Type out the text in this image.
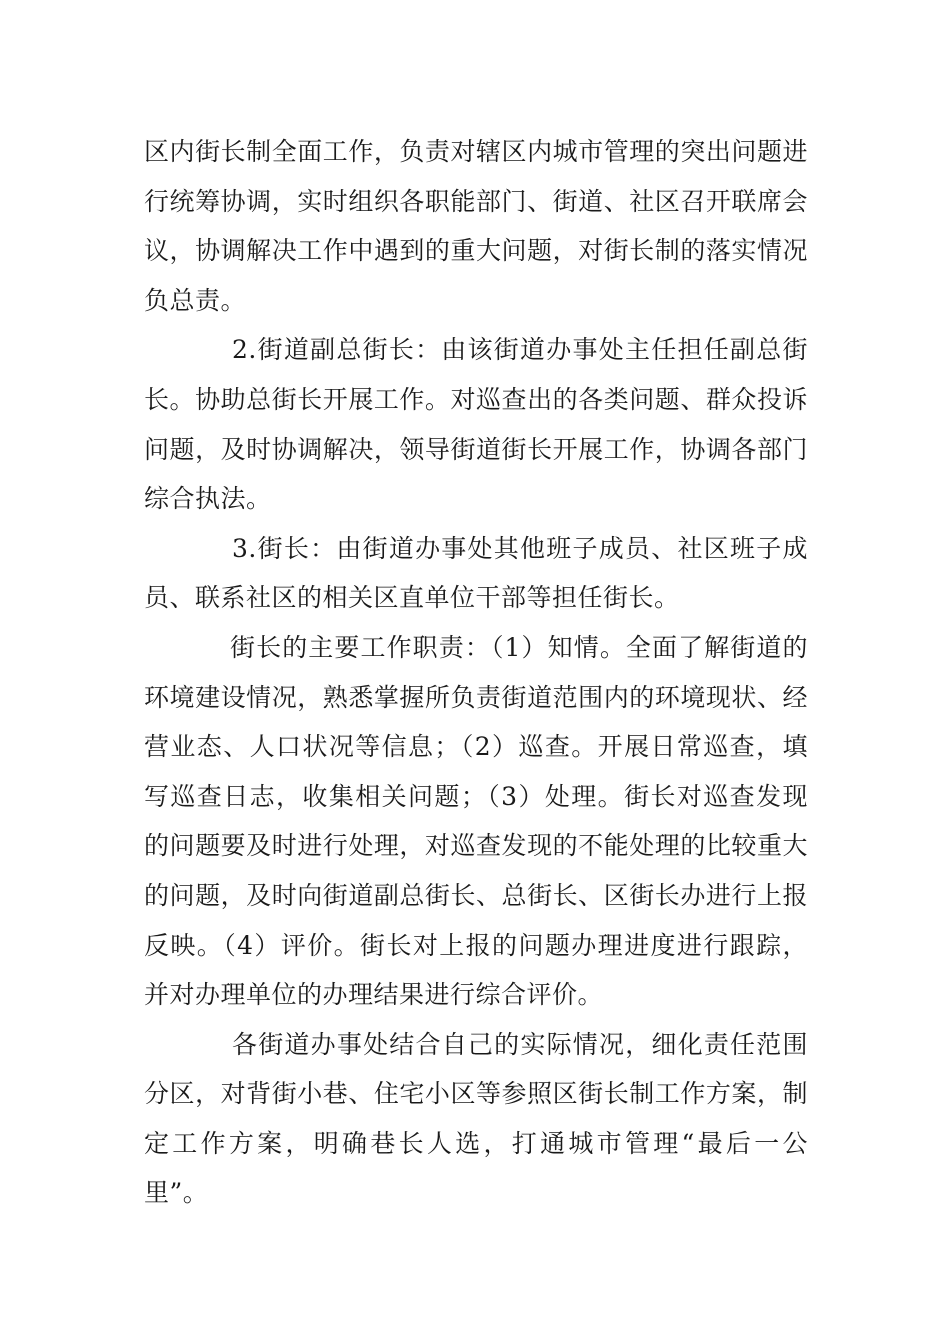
区内街长制全面工作，负责对辖区内城市管理的突出问题进行统筹协调，实时组织各职能部门、街道、社区召开联席会议，协调解决工作中遇到的重大问题，对街长制的落实情况负总责。

2.街道副总街长：由该街道办事处主任担任副总街长。协助总街长开展工作。对巡查出的各类问题、群众投诉问题，及时协调解决，领导街道街长开展工作，协调各部门综合执法。

3.街长：由街道办事处其他班子成员、社区班子成员、联系社区的相关区直单位干部等担任街长。

街长的主要工作职责：（1）知情。全面了解街道的环境建设情况，熟悉掌握所负责街道范围内的环境现状、经营业态、人口状况等信息；（2）巡查。开展日常巡查，填写巡查日志，收集相关问题；（3）处理。街长对巡查发现的问题要及时进行处理，对巡查发现的不能处理的比较重大的问题，及时向街道副总街长、总街长、区街长办进行上报反映。（4）评价。街长对上报的问题办理进度进行跟踪，并对办理单位的办理结果进行综合评价。

各街道办事处结合自己的实际情况，细化责任范围分区，对背街小巷、住宅小区等参照区街长制工作方案，制定工作方案，明确巷长人选，打通城市管理“最后一公里”。
